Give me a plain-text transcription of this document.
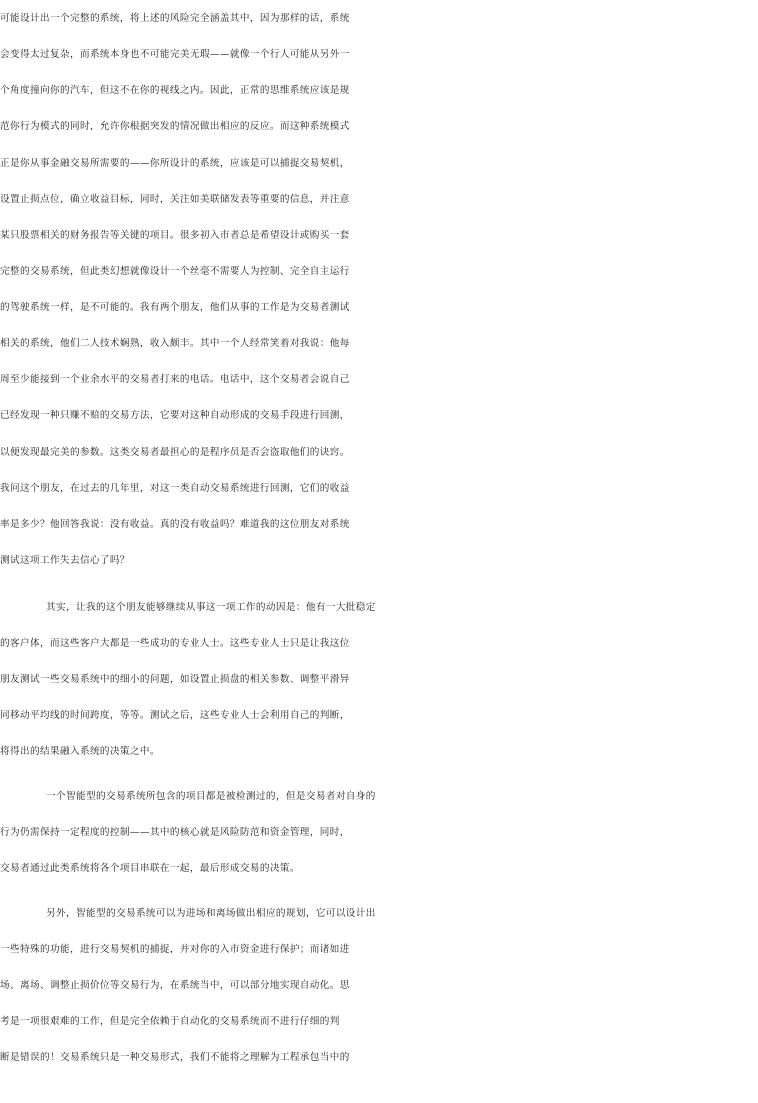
可能设计出一个完整的系统，将上述的风险完全涵盖其中，因为那样的话，系统
会变得太过复杂，而系统本身也不可能完美无瑕——就像一个行人可能从另外一
个角度撞向你的汽车，但这不在你的视线之内。因此，正常的思维系统应该是规
范你行为模式的同时，允许你根据突发的情况做出相应的反应。而这种系统模式
正是你从事金融交易所需要的——你所设计的系统，应该是可以捕捉交易契机，
设置止损点位，确立收益目标，同时，关注如美联储发表等重要的信息，并注意
某只股票相关的财务报告等关键的项目。很多初入市者总是希望设计或购买一套
完整的交易系统，但此类幻想就像设计一个丝毫不需要人为控制、完全自主运行
的驾驶系统一样，是不可能的。我有两个朋友，他们从事的工作是为交易者测试
相关的系统，他们二人技术娴熟，收入颇丰。其中一个人经常笑着对我说：他每
周至少能接到一个业余水平的交易者打来的电话。电话中，这个交易者会说自己
已经发现一种只赚不赔的交易方法，它要对这种自动形成的交易手段进行回测，
以便发现最完美的参数。这类交易者最担心的是程序员是否会盗取他们的诀窍。
我问这个朋友，在过去的几年里，对这一类自动交易系统进行回测，它们的收益
率是多少？他回答我说：没有收益。真的没有收益吗？难道我的这位朋友对系统
测试这项工作失去信心了吗？
其实，让我的这个朋友能够继续从事这一项工作的动因是：他有一大批稳定
的客户体，而这些客户大都是一些成功的专业人士。这些专业人士只是让我这位
朋友测试一些交易系统中的细小的问题，如设置止损盘的相关参数、调整平滑异
同移动平均线的时间跨度，等等。测试之后，这些专业人士会利用自己的判断，
将得出的结果融入系统的决策之中。
一个智能型的交易系统所包含的项目都是被检测过的，但是交易者对自身的
行为仍需保持一定程度的控制——其中的核心就是风险防范和资金管理，同时，
交易者通过此类系统将各个项目串联在一起，最后形成交易的决策。
另外，智能型的交易系统可以为进场和离场做出相应的规划，它可以设计出
一些特殊的功能，进行交易契机的捕捉，并对你的入市资金进行保护；而诸如进
场、离场、调整止损价位等交易行为，在系统当中，可以部分地实现自动化。思
考是一项很艰难的工作，但是完全依赖于自动化的交易系统而不进行仔细的判
断是错误的！交易系统只是一种交易形式，我们不能将之理解为工程承包当中的
